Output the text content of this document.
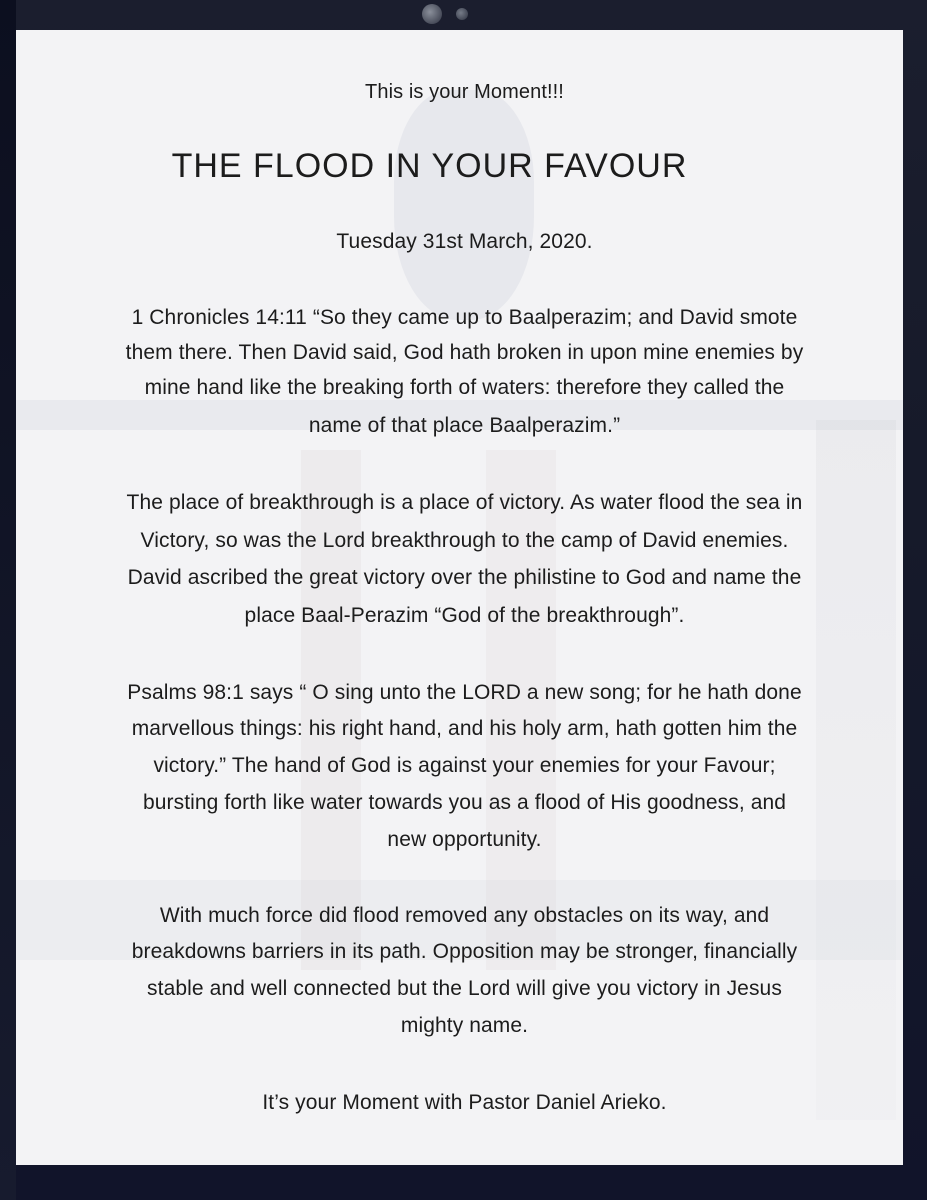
This is your Moment!!!
THE FLOOD IN YOUR FAVOUR
Tuesday 31st March, 2020.
1 Chronicles 14:11 “So they came up to Baalperazim; and David smote
them there. Then David said, God hath broken in upon mine enemies by
mine hand like the breaking forth of waters: therefore they called the
name of that place Baalperazim.”
The place of breakthrough is a place of victory. As water flood the sea in
Victory, so was the Lord breakthrough to the camp of David enemies.
David ascribed the great victory over the philistine to God and name the
place Baal-Perazim “God of the breakthrough”.
Psalms 98:1 says “ O sing unto the LORD a new song; for he hath done
marvellous things: his right hand, and his holy arm, hath gotten him the
victory.” The hand of God is against your enemies for your Favour;
bursting forth like water towards you as a flood of His goodness, and
new opportunity.
With much force did flood removed any obstacles on its way, and
breakdowns barriers in its path. Opposition may be stronger, financially
stable and well connected but the Lord will give you victory in Jesus
mighty name.
It’s your Moment with Pastor Daniel Arieko.
